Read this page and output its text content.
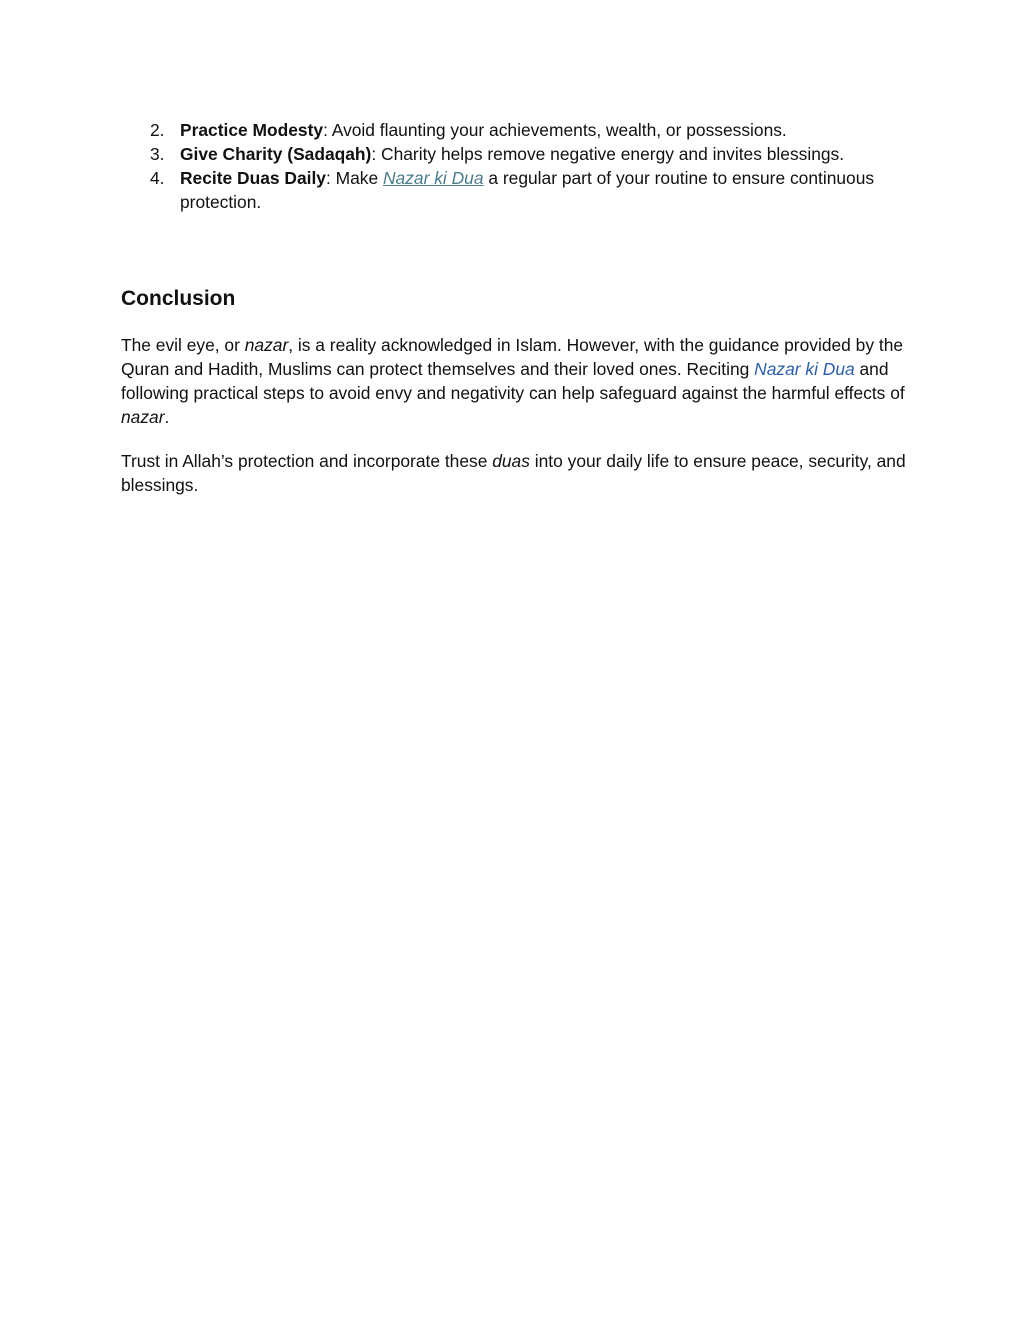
2. Practice Modesty: Avoid flaunting your achievements, wealth, or possessions.
3. Give Charity (Sadaqah): Charity helps remove negative energy and invites blessings.
4. Recite Duas Daily: Make Nazar ki Dua a regular part of your routine to ensure continuous protection.
Conclusion

The evil eye, or nazar, is a reality acknowledged in Islam. However, with the guidance provided by the Quran and Hadith, Muslims can protect themselves and their loved ones. Reciting Nazar ki Dua and following practical steps to avoid envy and negativity can help safeguard against the harmful effects of nazar.

Trust in Allah’s protection and incorporate these duas into your daily life to ensure peace, security, and blessings.
